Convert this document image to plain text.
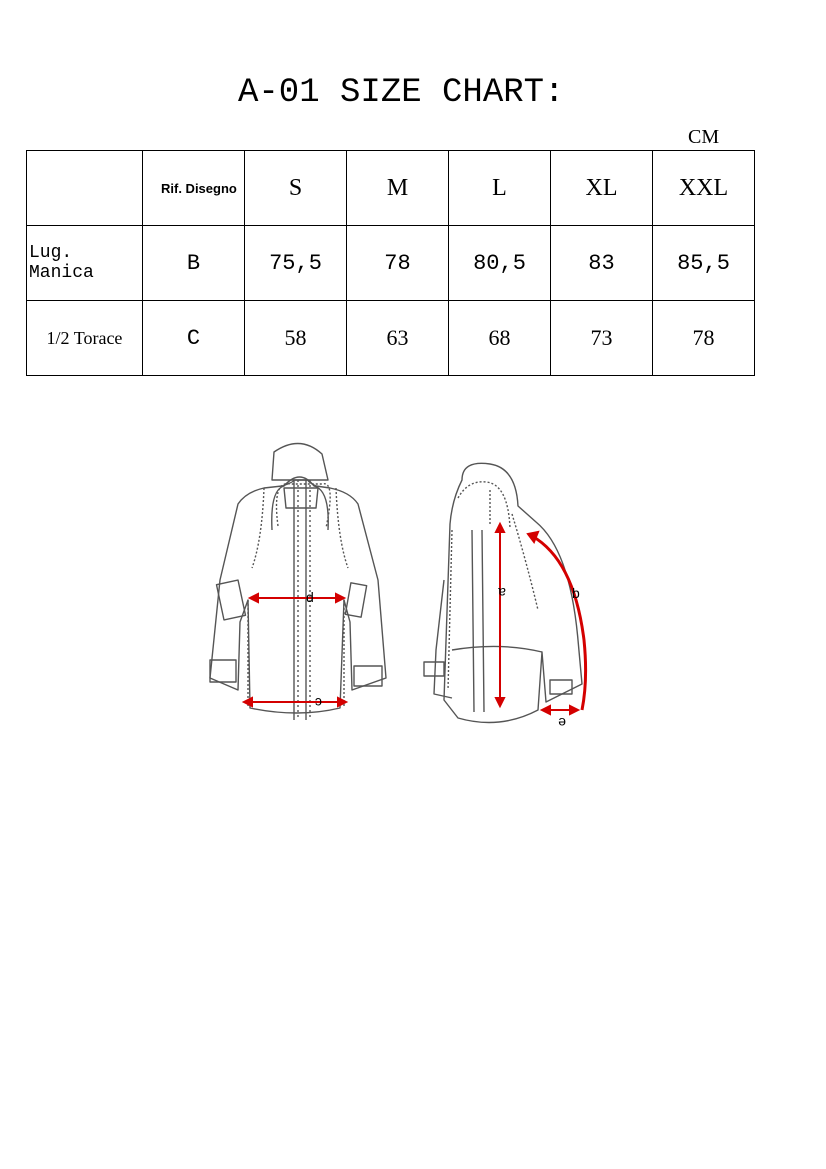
A-01 SIZE CHART:
CM
	Rif. Disegno	S	M	L	XL	XXL
Lug. Manica	B	75,5	78	80,5	83	85,5
1/2 Torace	C	58	63	68	73	78
d
c
a	b
e
